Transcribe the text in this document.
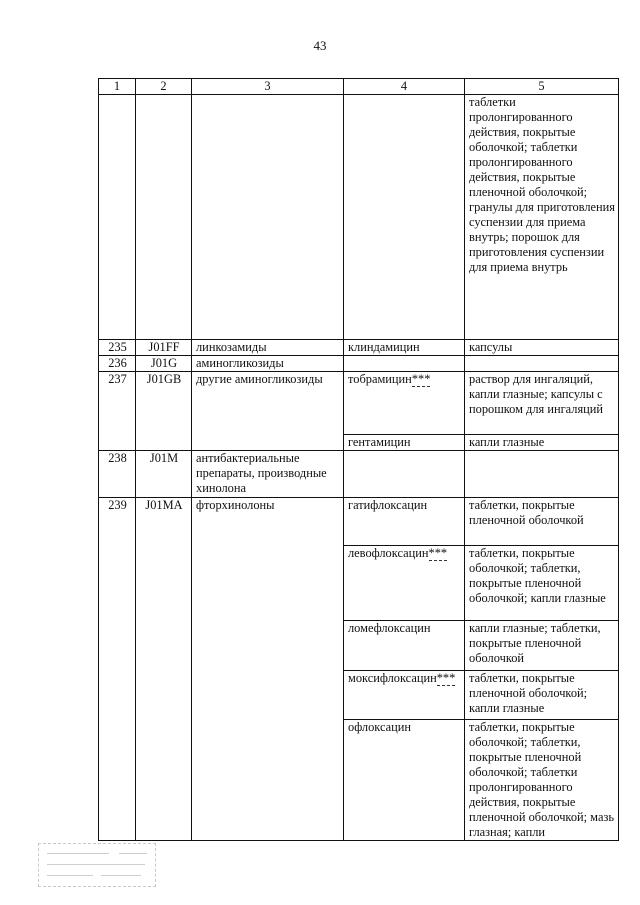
43
1	2	3	4	5
				таблетки пролонгированного действия, покрытые оболочкой; таблетки пролонгированного действия, покрытые пленочной оболочкой; гранулы для приготовления суспензии для приема внутрь; порошок для приготовления суспензии для приема внутрь
235	J01FF	линкозамиды	клиндамицин	капсулы
236	J01G	аминогликозиды		
237	J01GB	другие аминогликозиды	тобрамицин***	раствор для ингаляций, капли глазные; капсулы с порошком для ингаляций
			гентамицин	капли глазные
238	J01M	антибактериальные препараты, производные хинолона		
239	J01MA	фторхинолоны	гатифлоксацин	таблетки, покрытые пленочной оболочкой
			левофлоксацин***	таблетки, покрытые оболочкой; таблетки, покрытые пленочной оболочкой; капли глазные
			ломефлоксацин	капли глазные; таблетки, покрытые пленочной оболочкой
			моксифлоксацин***	таблетки, покрытые пленочной оболочкой; капли глазные
			офлоксацин	таблетки, покрытые оболочкой; таблетки, покрытые пленочной оболочкой; таблетки пролонгированного действия, покрытые пленочной оболочкой; мазь глазная; капли
